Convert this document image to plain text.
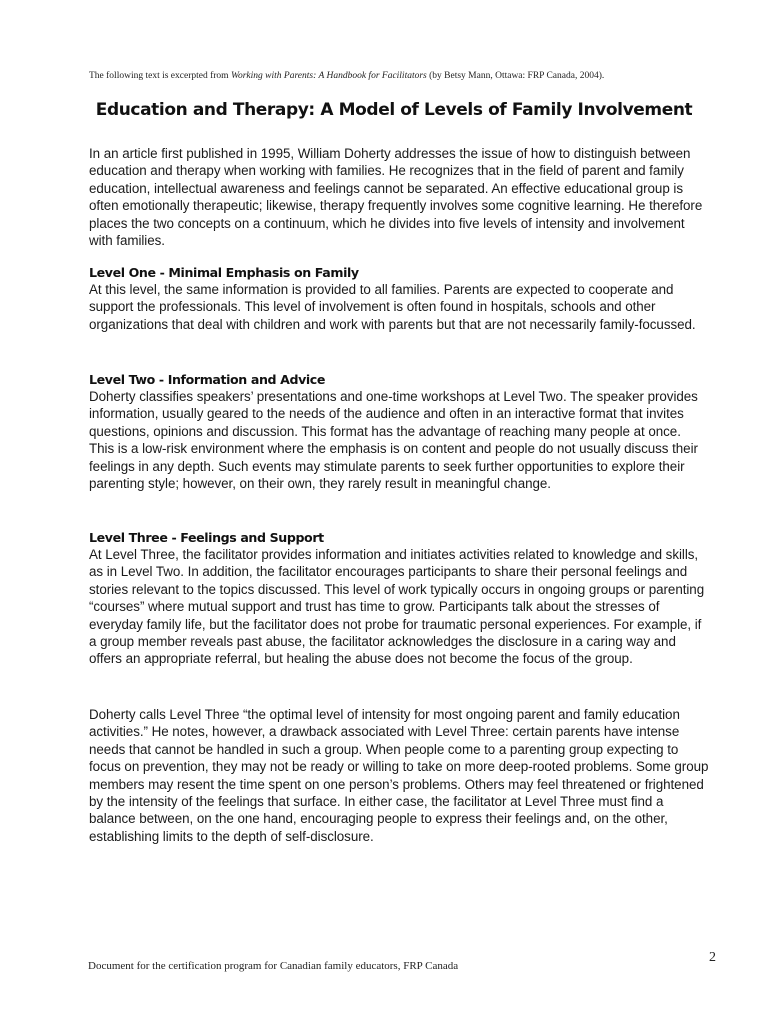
The following text is excerpted from Working with Parents: A Handbook for Facilitators (by Betsy Mann, Ottawa: FRP Canada, 2004).
Education and Therapy: A Model of Levels of Family Involvement

In an article first published in 1995, William Doherty addresses the issue of how to distinguish between education and therapy when working with families. He recognizes that in the field of parent and family education, intellectual awareness and feelings cannot be separated. An effective educational group is often emotionally therapeutic; likewise, therapy frequently involves some cognitive learning. He therefore places the two concepts on a continuum, which he divides into five levels of intensity and involvement with families.

Level One - Minimal Emphasis on Family

At this level, the same information is provided to all families. Parents are expected to cooperate and support the professionals. This level of involvement is often found in hospitals, schools and other organizations that deal with children and work with parents but that are not necessarily family-focussed.

Level Two - Information and Advice

Doherty classifies speakers’ presentations and one-time workshops at Level Two. The speaker provides information, usually geared to the needs of the audience and often in an interactive format that invites questions, opinions and discussion. This format has the advantage of reaching many people at once. This is a low-risk environment where the emphasis is on content and people do not usually discuss their feelings in any depth. Such events may stimulate parents to seek further opportunities to explore their parenting style; however, on their own, they rarely result in meaningful change.

Level Three - Feelings and Support

At Level Three, the facilitator provides information and initiates activities related to knowledge and skills, as in Level Two. In addition, the facilitator encourages participants to share their personal feelings and stories relevant to the topics discussed. This level of work typically occurs in ongoing groups or parenting “courses” where mutual support and trust has time to grow. Participants talk about the stresses of everyday family life, but the facilitator does not probe for traumatic personal experiences. For example, if a group member reveals past abuse, the facilitator acknowledges the disclosure in a caring way and offers an appropriate referral, but healing the abuse does not become the focus of the group.

Doherty calls Level Three “the optimal level of intensity for most ongoing parent and family education activities.” He notes, however, a drawback associated with Level Three: certain parents have intense needs that cannot be handled in such a group. When people come to a parenting group expecting to focus on prevention, they may not be ready or willing to take on more deep-rooted problems. Some group members may resent the time spent on one person’s problems. Others may feel threatened or frightened by the intensity of the feelings that surface. In either case, the facilitator at Level Three must find a balance between, on the one hand, encouraging people to express their feelings and, on the other, establishing limits to the depth of self-disclosure.

Document for the certification program for Canadian family educators, FRP Canada
2
